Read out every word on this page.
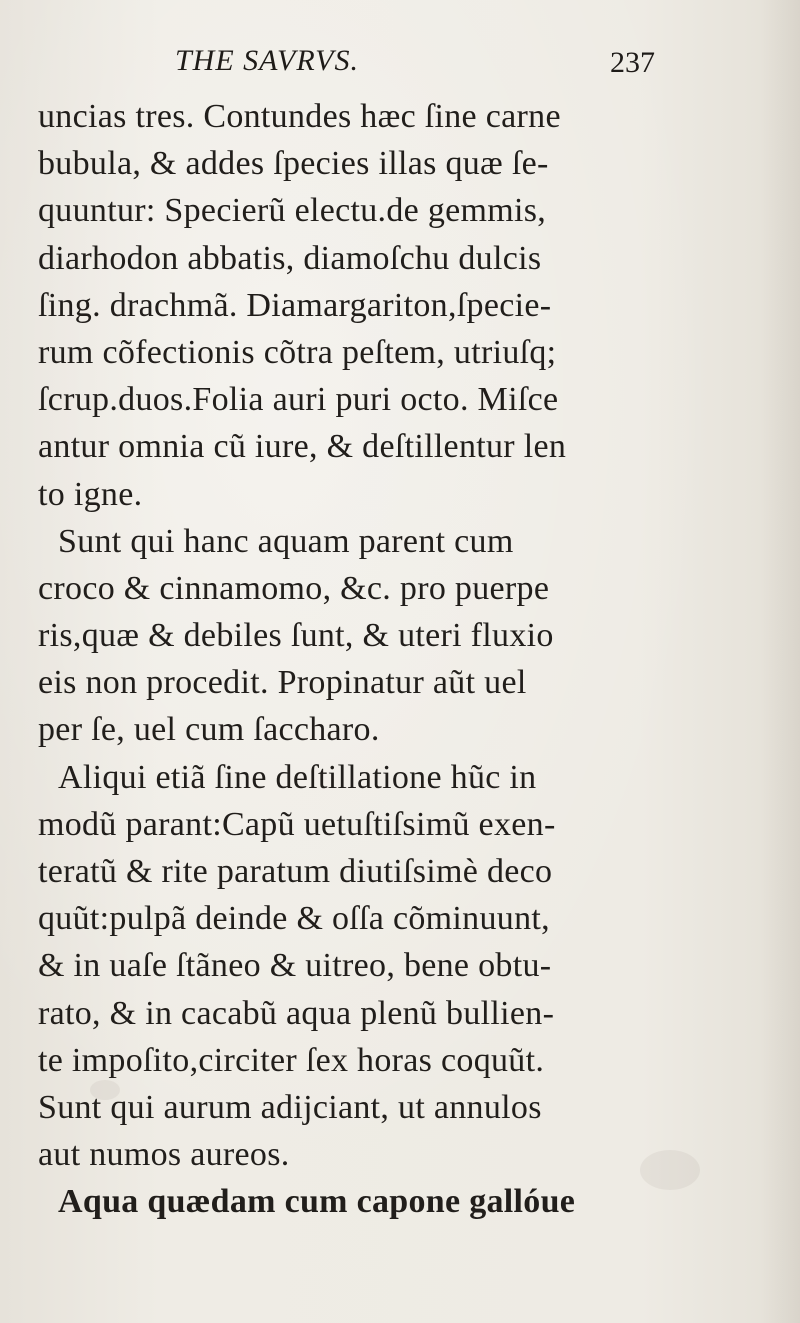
THE SAVRVS.	237
uncias tres. Contundes hæc ſine carne
bubula, & addes ſpecies illas quæ ſe-
quuntur: Specierũ electu.de gemmis,
diarhodon abbatis, diamoſchu dulcis
ſing. drachmã. Diamargariton,ſpecie-
rum cõfectionis cõtra peſtem, utriuſq;
ſcrup.duos.Folia auri puri octo. Miſce
antur omnia cũ iure, & deſtillentur len
to igne.
Sunt qui hanc aquam parent cum
croco & cinnamomo, &c. pro puerpe
ris,quæ & debiles ſunt, & uteri fluxio
eis non procedit. Propinatur aũt uel
per ſe, uel cum ſaccharo.
Aliqui etiã ſine deſtillatione hũc in
modũ parant:Capũ uetuſtiſsimũ exen-
teratũ & rite paratum diutiſsimè deco
quũt:pulpã deinde & oſſa cõminuunt,
& in uaſe ſtãneo & uitreo, bene obtu-
rato, & in cacabũ aqua plenũ bullien-
te impoſito,circiter ſex horas coquũt.
Sunt qui aurum adijciant, ut annulos
aut numos aureos.
Aqua quædam cum capone gallóue
